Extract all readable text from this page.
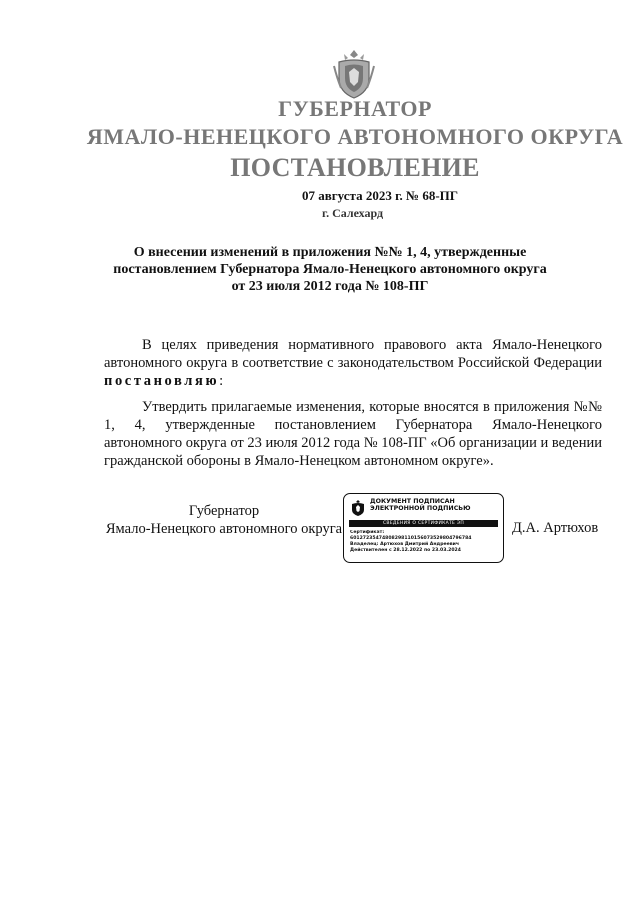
ГУБЕРНАТОР
ЯМАЛО-НЕНЕЦКОГО АВТОНОМНОГО ОКРУГА
ПОСТАНОВЛЕНИЕ
07 августа 2023 г. № 68-ПГ
г. Салехард
О внесении изменений в приложения №№ 1, 4, утвержденные
постановлением Губернатора Ямало-Ненецкого автономного округа
от 23 июля 2012 года № 108-ПГ
В целях приведения нормативного правового акта Ямало-Ненецкого автономного округа в соответствие с законодательством Российской Федерации постановляю:
Утвердить прилагаемые изменения, которые вносятся в приложения №№ 1, 4, утвержденные постановлением Губернатора Ямало-Ненецкого автономного округа от 23 июля 2012 года № 108-ПГ «Об организации и ведении гражданской обороны в Ямало-Ненецком автономном округе».
Губернатор
Ямало-Ненецкого автономного округа
ДОКУМЕНТ ПОДПИСАН
ЭЛЕКТРОННОЙ ПОДПИСЬЮ
СВЕДЕНИЯ О СЕРТИФИКАТЕ ЭП
Сертификат:
60127235474808298110156073529804796784
Владелец: Артюхов Дмитрий Андреевич
Действителен с 28.12.2022 по 23.03.2024
Д.А. Артюхов
